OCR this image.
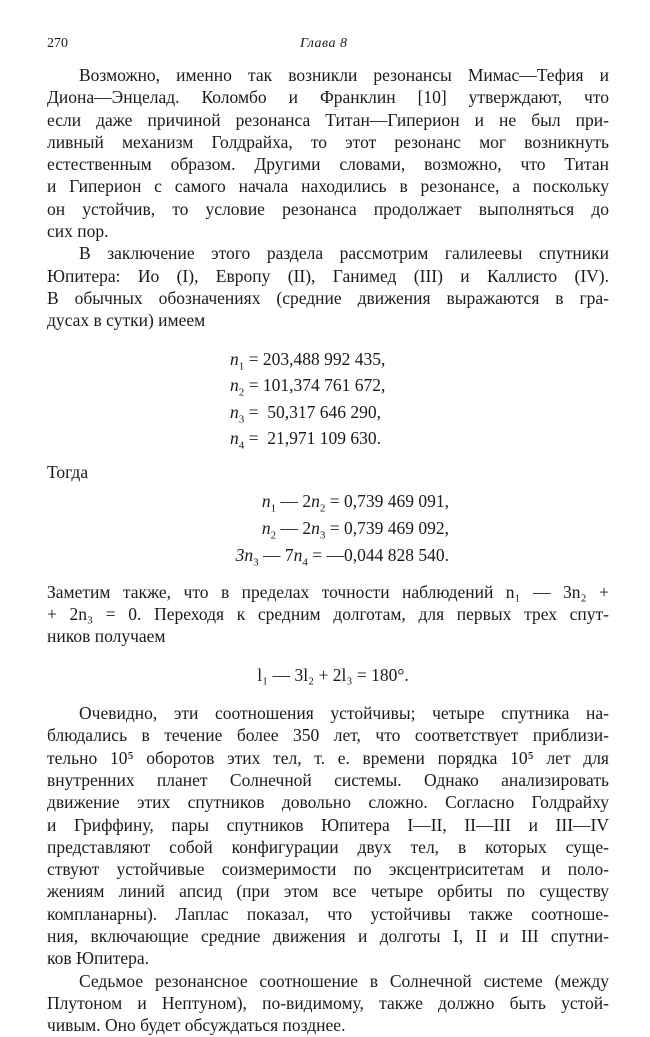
270	Глава 8
Возможно, именно так возникли резонансы Мимас—Тефия и
Диона—Энцелад. Коломбо и Франклин [10] утверждают, что
если даже причиной резонанса Титан—Гиперион и не был при-
ливный механизм Голдрайха, то этот резонанс мог возникнуть
естественным образом. Другими словами, возможно, что Титан
и Гиперион с самого начала находились в резонансе, а поскольку
он устойчив, то условие резонанса продолжает выполняться до
сих пор.
В заключение этого раздела рассмотрим галилеевы спутники
Юпитера: Ио (I), Европу (II), Ганимед (III) и Каллисто (IV).
В обычных обозначениях (средние движения выражаются в гра-
дусах в сутки) имеем
$n_1 = 203,488$ 992 435,
$n_2 = 101,374$ 761 672,
$n_3 = 50,317$ 646 290,
$n_4 = 21,971$ 109 630.
Тогда
$n_1$ — $2n_2 = 0,739$ 469 091,
$n_2$ — $2n_3 = 0,739$ 469 092,
$3n_3$ — $7n_4$ = —0,044 828 540.
Заметим также, что в пределах точности наблюдений n₁ — 3n₂ +
+ 2n₃ = 0. Переходя к средним долготам, для первых трех спут-
ников получаем
l₁ — 3l₂ + 2l₃ = 180°.
Очевидно, эти соотношения устойчивы; четыре спутника на-
блюдались в течение более 350 лет, что соответствует приблизи-
тельно 10⁵ оборотов этих тел, т. е. времени порядка 10⁵ лет для
внутренних планет Солнечной системы. Однако анализировать
движение этих спутников довольно сложно. Согласно Голдрайху
и Гриффину, пары спутников Юпитера I—II, II—III и III—IV
представляют собой конфигурации двух тел, в которых суще-
ствуют устойчивые соизмеримости по эксцентриситетам и поло-
жениям линий апсид (при этом все четыре орбиты по существу
компланарны). Лаплас показал, что устойчивы также соотноше-
ния, включающие средние движения и долготы I, II и III спутни-
ков Юпитера.
Седьмое резонансное соотношение в Солнечной системе (между
Плутоном и Нептуном), по-видимому, также должно быть устой-
чивым. Оно будет обсуждаться позднее.
